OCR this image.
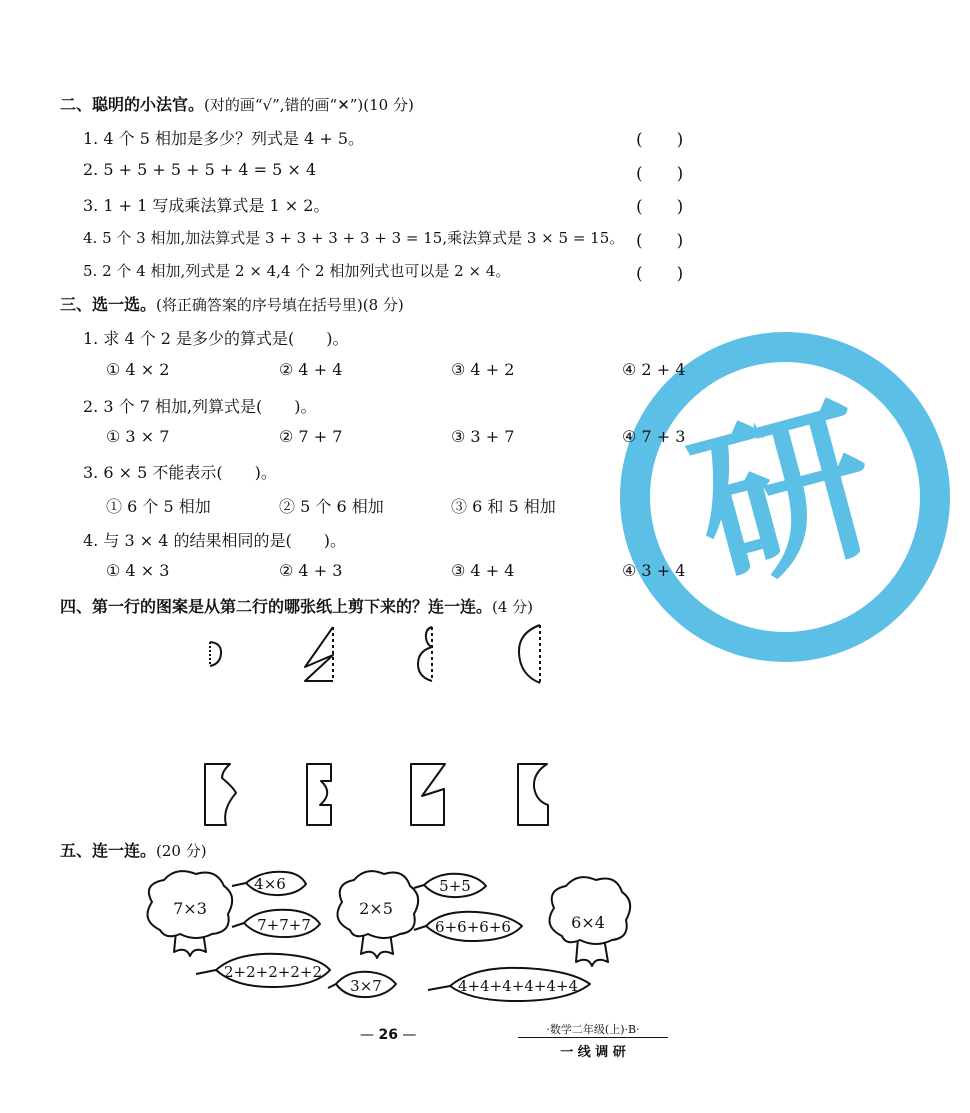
研
二、聪明的小法官。(对的画“√”,错的画“✕”)(10 分)
1. 4 个 5 相加是多少？列式是 4 + 5。	(　　)
2. 5 + 5 + 5 + 5 + 4 = 5 × 4	(　　)
3. 1 + 1 写成乘法算式是 1 × 2。	(　　)
4. 5 个 3 相加,加法算式是 3 + 3 + 3 + 3 + 3 = 15,乘法算式是 3 × 5 = 15。 (　　)
5. 2 个 4 相加,列式是 2 × 4,4 个 2 相加列式也可以是 2 × 4。	(　　)
三、选一选。(将正确答案的序号填在括号里)(8 分)
1. 求 4 个 2 是多少的算式是(　　)。
① 4 × 2	② 4 + 4	③ 4 + 2	④ 2 + 4
2. 3 个 7 相加,列算式是(　　)。
① 3 × 7	② 7 + 7	③ 3 + 7	④ 7 + 3
3. 6 × 5 不能表示(　　)。
① 6 个 5 相加	② 5 个 6 相加	③ 6 和 5 相加
4. 与 3 × 4 的结果相同的是(　　)。
① 4 × 3	② 4 + 3	③ 4 + 4	④ 3 + 4
四、第一行的图案是从第二行的哪张纸上剪下来的？连一连。(4 分)
五、连一连。(20 分)
7×3	2×5
6×4
4×6
7+7+7
2+2+2+2+2
5+5
6+6+6+6
3×7	4+4+4+4+4+4
— 26 —	·数学二年级(上)·B·
一 线 调 研
